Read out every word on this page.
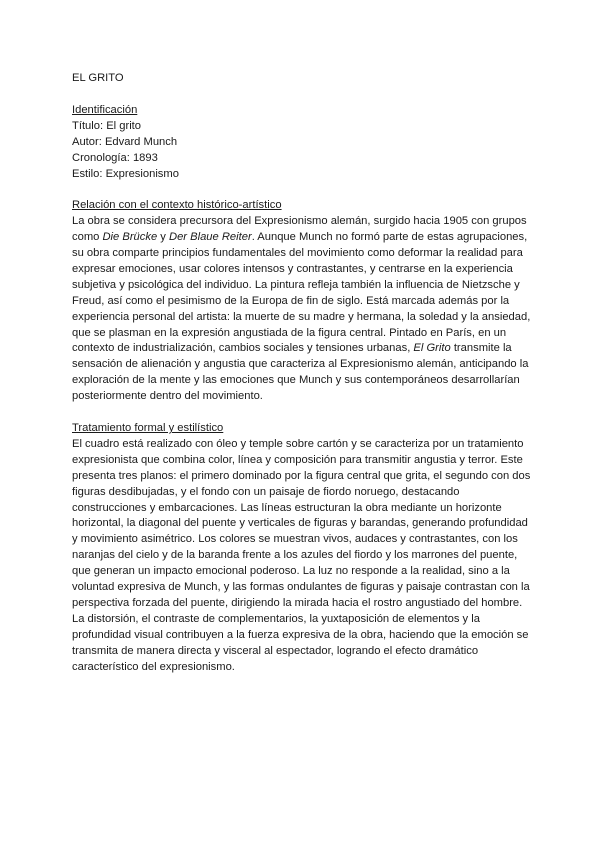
EL GRITO
Identificación
Título: El grito
Autor: Edvard Munch
Cronología: 1893
Estilo: Expresionismo
Relación con el contexto histórico-artístico

La obra se considera precursora del Expresionismo alemán, surgido hacia 1905 con grupos como Die Brücke y Der Blaue Reiter. Aunque Munch no formó parte de estas agrupaciones, su obra comparte principios fundamentales del movimiento como deformar la realidad para expresar emociones, usar colores intensos y contrastantes, y centrarse en la experiencia subjetiva y psicológica del individuo. La pintura refleja también la influencia de Nietzsche y Freud, así como el pesimismo de la Europa de fin de siglo. Está marcada además por la experiencia personal del artista: la muerte de su madre y hermana, la soledad y la ansiedad, que se plasman en la expresión angustiada de la figura central. Pintado en París, en un contexto de industrialización, cambios sociales y tensiones urbanas, El Grito transmite la sensación de alienación y angustia que caracteriza al Expresionismo alemán, anticipando la exploración de la mente y las emociones que Munch y sus contemporáneos desarrollarían posteriormente dentro del movimiento.

Tratamiento formal y estilístico

El cuadro está realizado con óleo y temple sobre cartón y se caracteriza por un tratamiento expresionista que combina color, línea y composición para transmitir angustia y terror. Este presenta tres planos: el primero dominado por la figura central que grita, el segundo con dos figuras desdibujadas, y el fondo con un paisaje de fiordo noruego, destacando construcciones y embarcaciones. Las líneas estructuran la obra mediante un horizonte horizontal, la diagonal del puente y verticales de figuras y barandas, generando profundidad y movimiento asimétrico. Los colores se muestran vivos, audaces y contrastantes, con los naranjas del cielo y de la baranda frente a los azules del fiordo y los marrones del puente, que generan un impacto emocional poderoso. La luz no responde a la realidad, sino a la voluntad expresiva de Munch, y las formas ondulantes de figuras y paisaje contrastan con la perspectiva forzada del puente, dirigiendo la mirada hacia el rostro angustiado del hombre. La distorsión, el contraste de complementarios, la yuxtaposición de elementos y la profundidad visual contribuyen a la fuerza expresiva de la obra, haciendo que la emoción se transmita de manera directa y visceral al espectador, logrando el efecto dramático característico del expresionismo.
